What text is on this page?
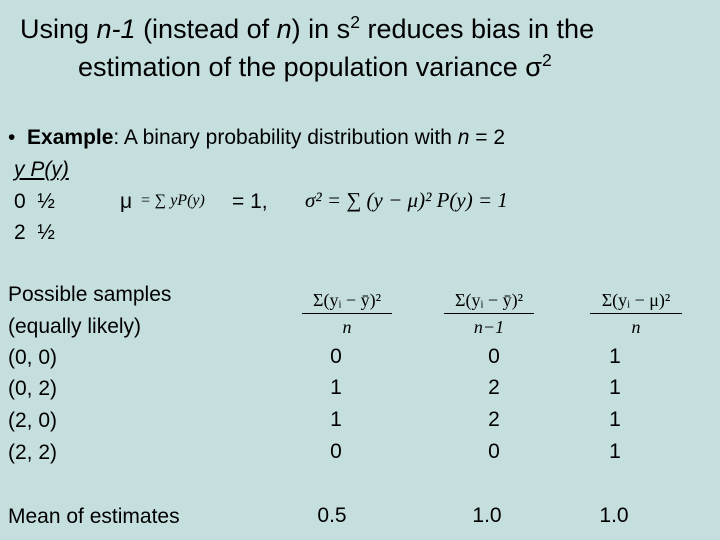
Using n-1 (instead of n) in $s^2$ reduces bias in the
estimation of the population variance $\sigma^2$
• Example: A binary probability distribution with n = 2
y P(y)
0 ½
2 ½
μ = ∑ yP(y) = 1, σ² = ∑ (y − μ)² P(y) = 1
Possible samples
(equally likely)
(0, 0)
(0, 2)
(2, 0)
(2, 2)
Mean of estimates
Σ(yᵢ − ȳ)²
n
0
1
1
0
0.5
Σ(yᵢ − ȳ)²
n−1
0
2
2
0
1.0
Σ(yᵢ − μ)²
n
1
1
1
1
1.0
